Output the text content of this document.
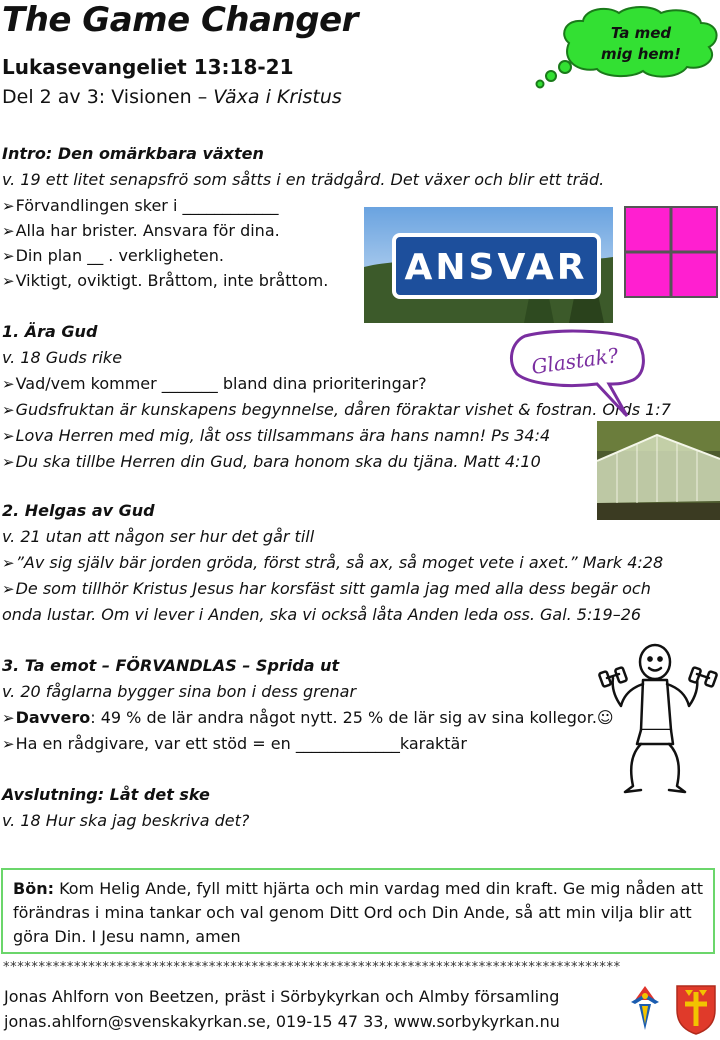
The Game Changer
Lukasevangeliet 13:18-21
Del 2 av 3: Visionen – Växa i Kristus
Ta med
mig hem!
Intro: Den omärkbara växten
v. 19 ett litet senapsfrö som såtts i en trädgård. Det växer och blir ett träd.
➢Förvandlingen sker i ____________
➢Alla har brister. Ansvara för dina.
➢Din plan __ . verkligheten.
➢Viktigt, oviktigt. Bråttom, inte bråttom. ANSVAR
1. Ära Gud
v. 18 Guds rike
➢Vad/vem kommer _______ bland dina prioriteringar?
➢Gudsfruktan är kunskapens begynnelse, dåren föraktar vishet & fostran. Ords 1:7
➢Lova Herren med mig, låt oss tillsammans ära hans namn! Ps 34:4
➢Du ska tillbe Herren din Gud, bara honom ska du tjäna. Matt 4:10
Glastak?
2. Helgas av Gud
v. 21 utan att någon ser hur det går till
➢”Av sig själv bär jorden gröda, först strå, så ax, så moget vete i axet.” Mark 4:28
➢De som tillhör Kristus Jesus har korsfäst sitt gamla jag med alla dess begär och
onda lustar. Om vi lever i Anden, ska vi också låta Anden leda oss. Gal. 5:19–26
3. Ta emot – FÖRVANDLAS – Sprida ut
v. 20 fåglarna bygger sina bon i dess grenar
➢Davvero: 49 % de lär andra något nytt. 25 % de lär sig av sina kollegor.☺
➢Ha en rådgivare, var ett stöd = en _____________karaktär
Avslutning: Låt det ske
v. 18 Hur ska jag beskriva det?
Bön: Kom Helig Ande, fyll mitt hjärta och min vardag med din kraft. Ge mig nåden att förändras i mina tankar och val genom Ditt Ord och Din Ande, så att min vilja blir att göra Din. I Jesu namn, amen
***************************************************************************************
Jonas Ahlforn von Beetzen, präst i Sörbykyrkan och Almby församling
jonas.ahlforn@svenskakyrkan.se, 019-15 47 33, www.sorbykyrkan.nu
